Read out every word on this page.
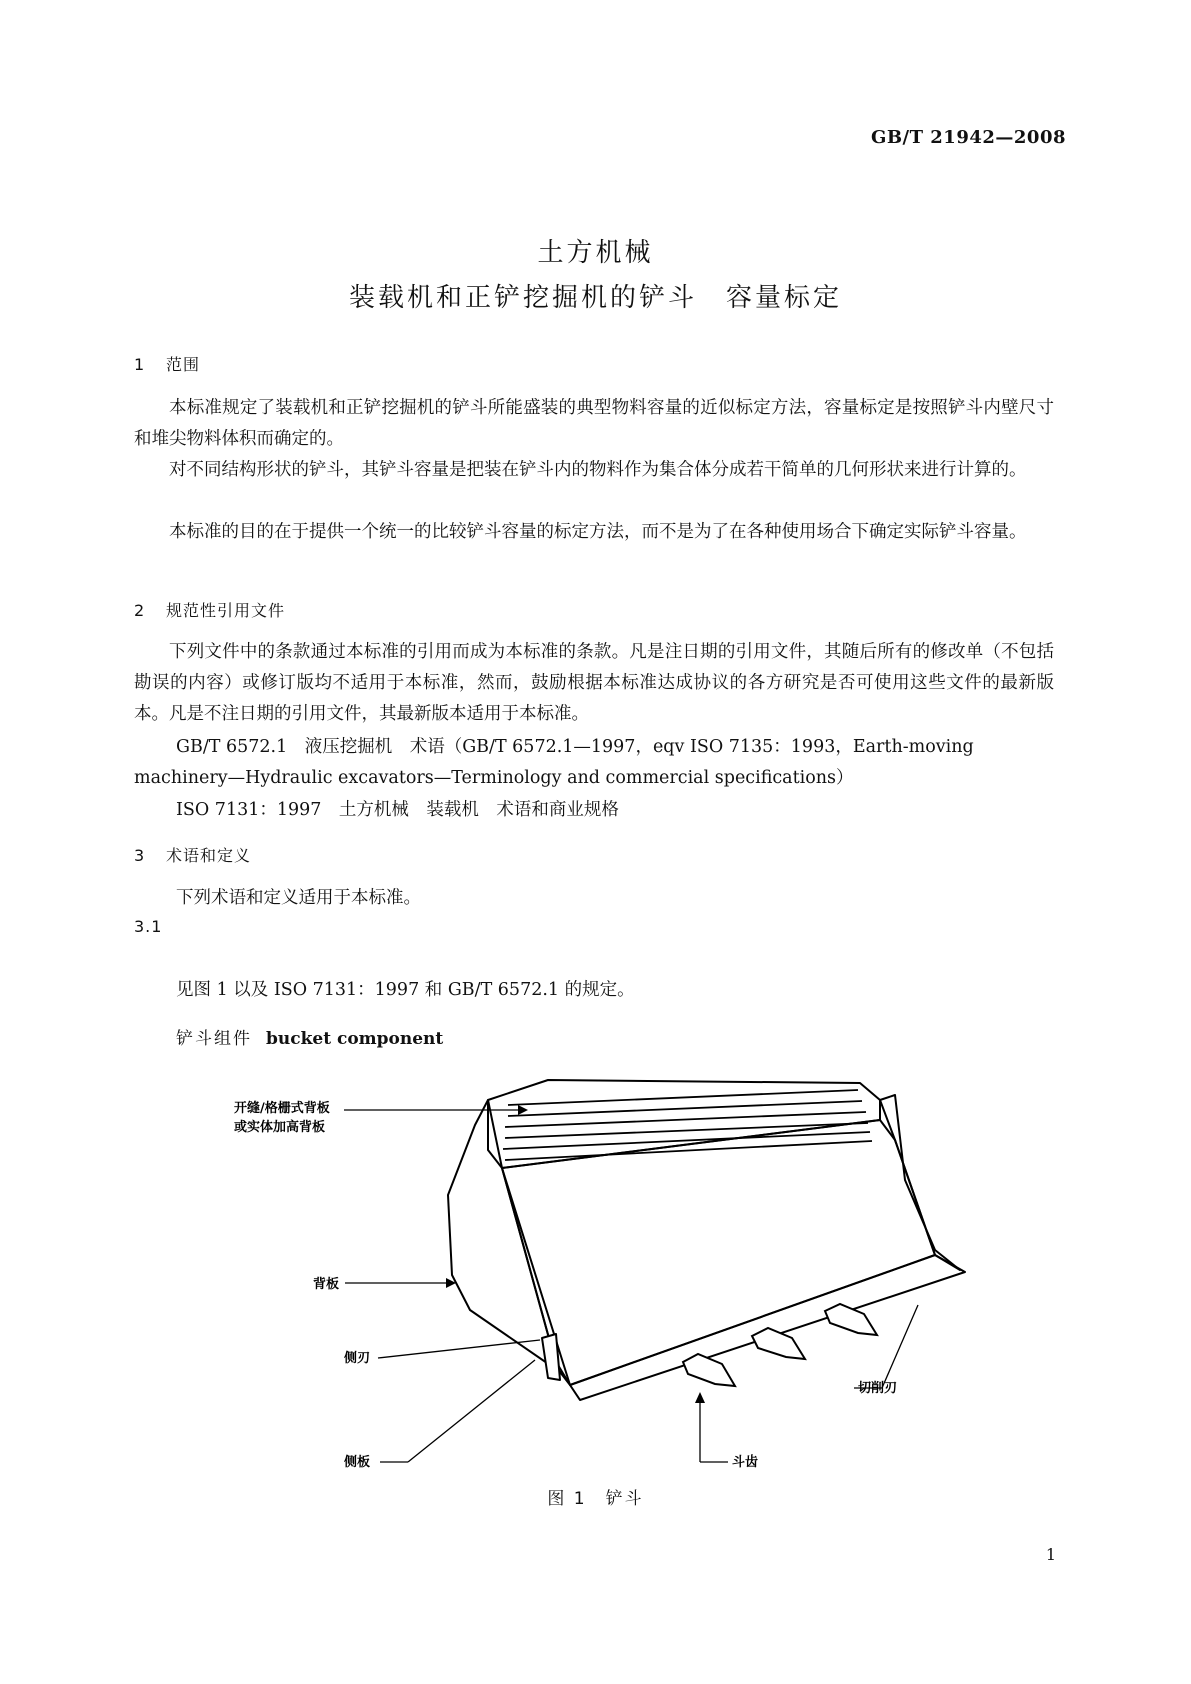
GB/T 21942—2008
土方机械
装载机和正铲挖掘机的铲斗　容量标定
1 范围
本标准规定了装载机和正铲挖掘机的铲斗所能盛装的典型物料容量的近似标定方法，容量标定是按照铲斗内壁尺寸和堆尖物料体积而确定的。
对不同结构形状的铲斗，其铲斗容量是把装在铲斗内的物料作为集合体分成若干简单的几何形状来进行计算的。
本标准的目的在于提供一个统一的比较铲斗容量的标定方法，而不是为了在各种使用场合下确定实际铲斗容量。
2 规范性引用文件
下列文件中的条款通过本标准的引用而成为本标准的条款。凡是注日期的引用文件，其随后所有的修改单（不包括勘误的内容）或修订版均不适用于本标准，然而，鼓励根据本标准达成协议的各方研究是否可使用这些文件的最新版本。凡是不注日期的引用文件，其最新版本适用于本标准。
GB/T 6572.1　液压挖掘机　术语（GB/T 6572.1—1997，eqv ISO 7135：1993，Earth-moving
machinery—Hydraulic excavators—Terminology and commercial specifications）
ISO 7131：1997　土方机械　装载机　术语和商业规格
3 术语和定义
下列术语和定义适用于本标准。
3.1
铲斗组件 bucket component
见图 1 以及 ISO 7131：1997 和 GB/T 6572.1 的规定。
开缝/格栅式背板
或实体加高背板
背板
侧刃
侧板
切削刃
斗齿
图 1　铲斗
1
